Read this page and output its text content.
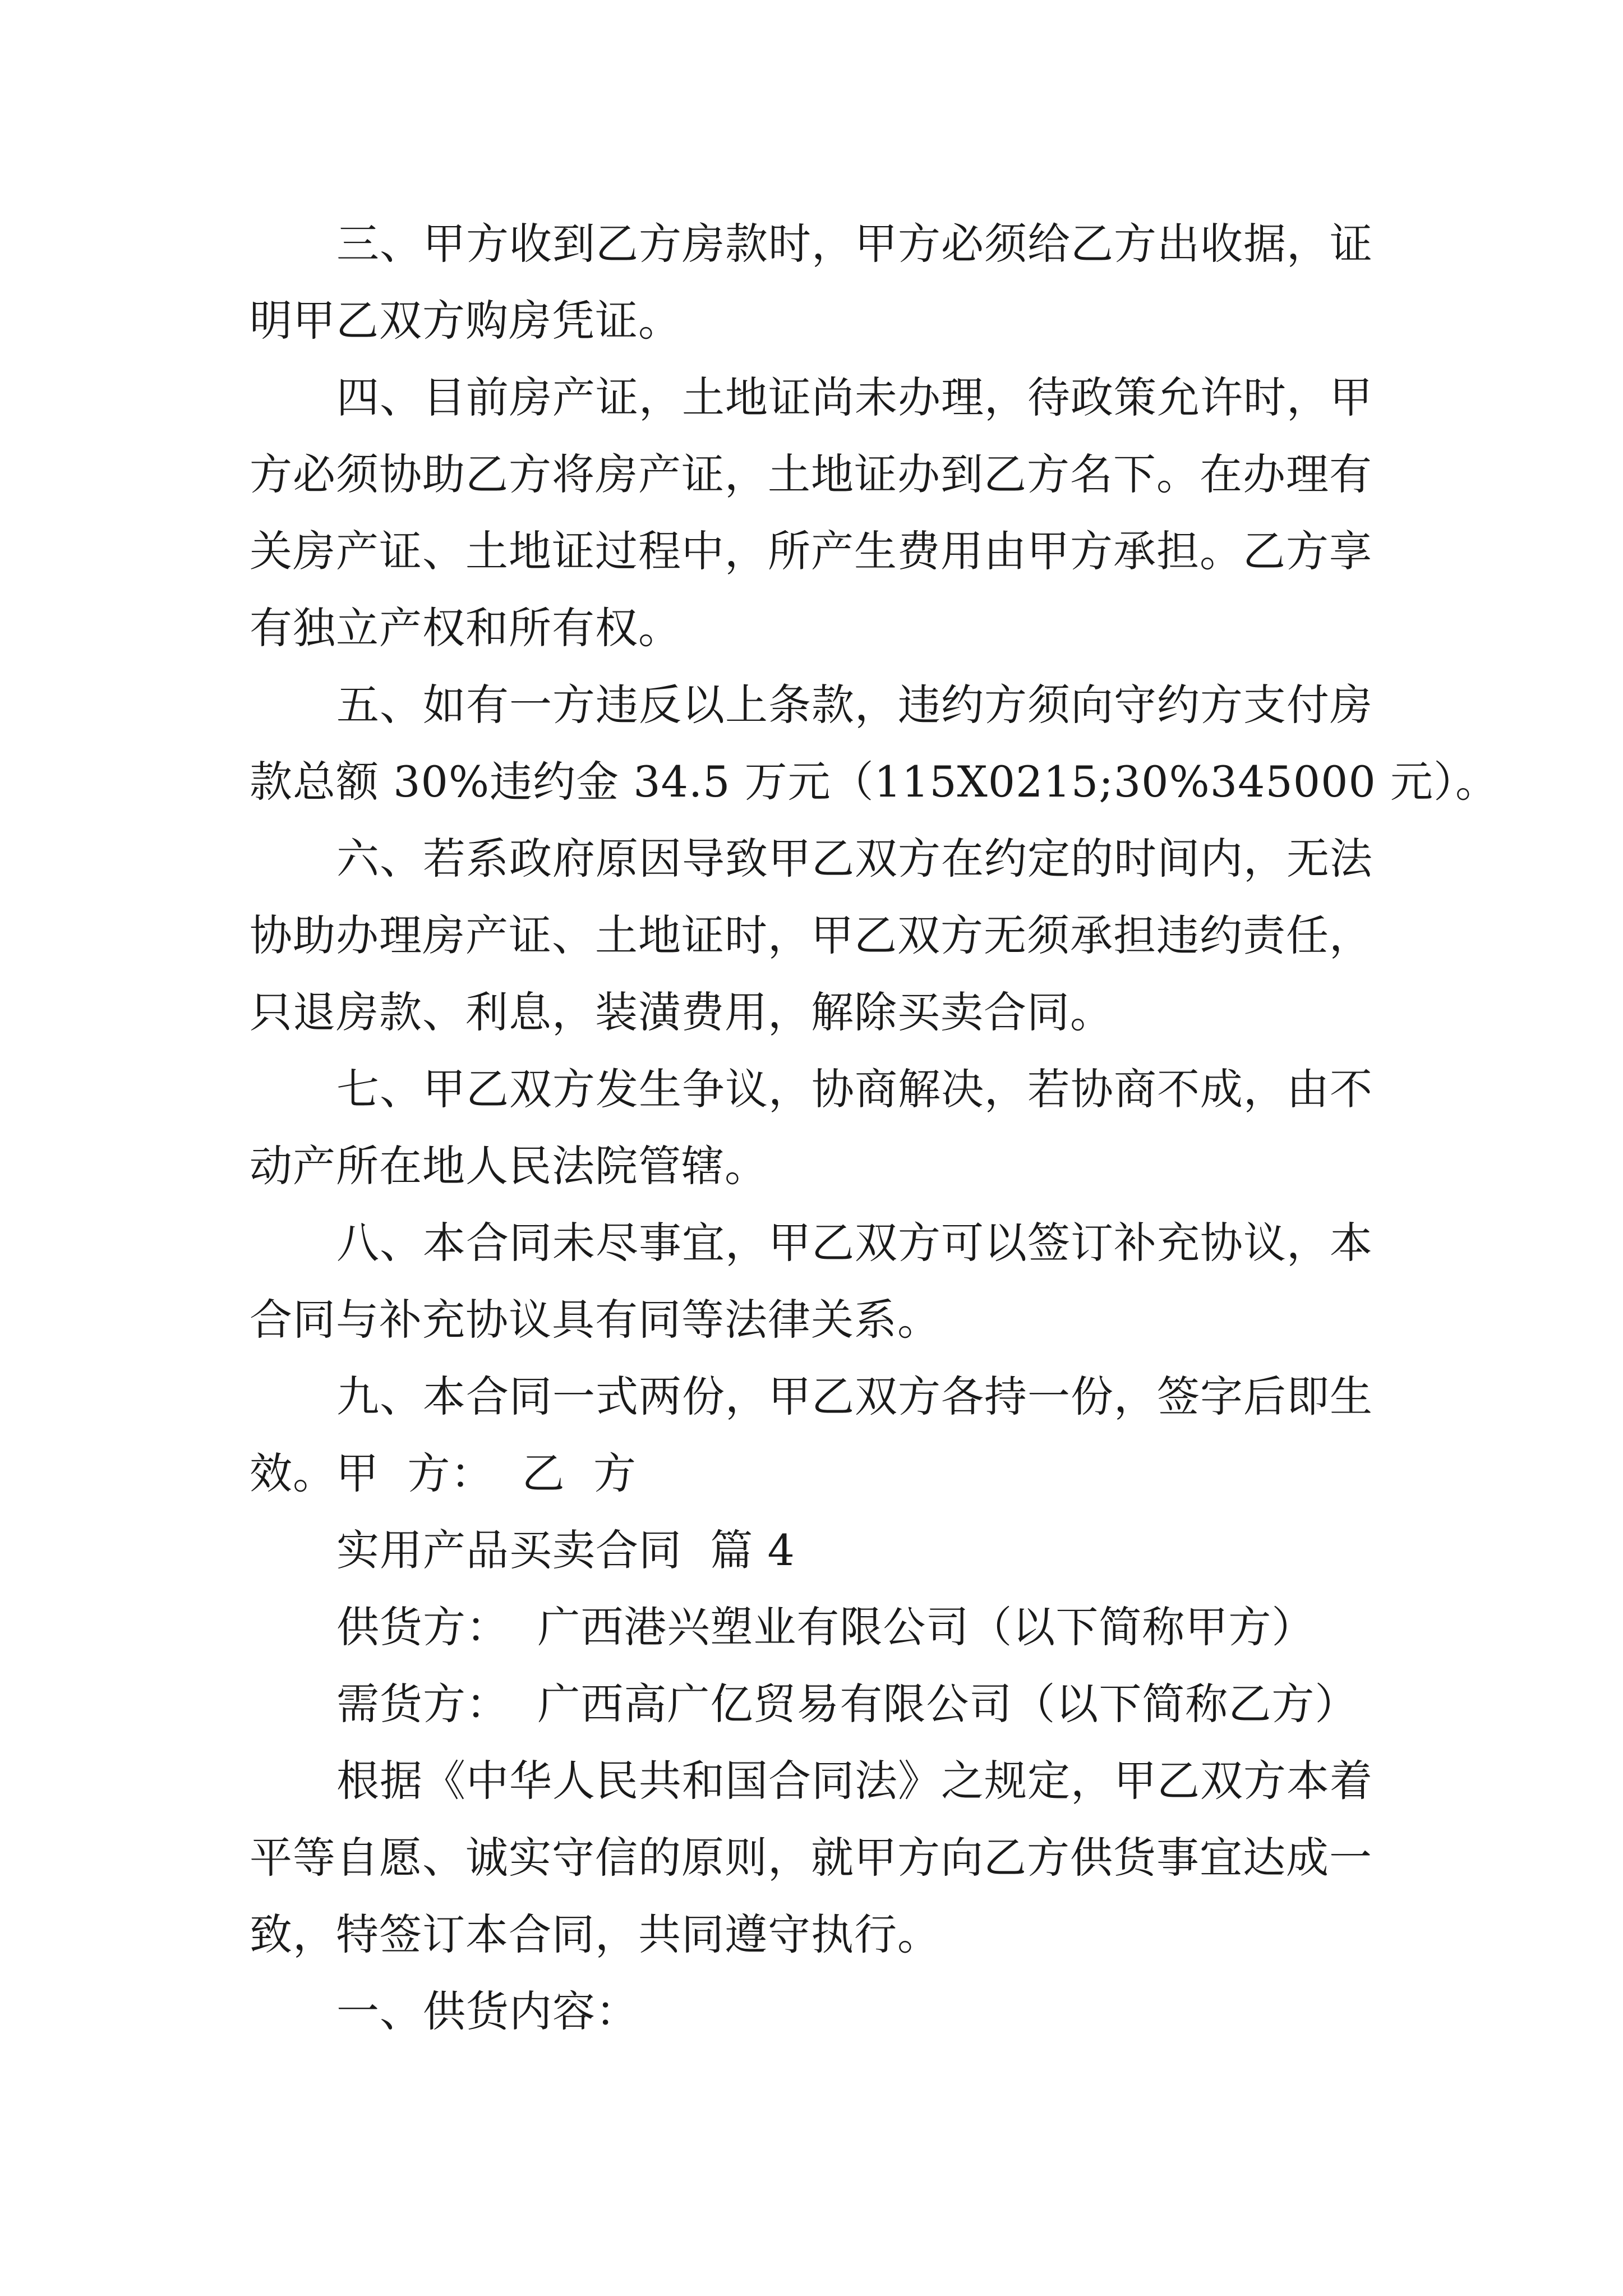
三、甲方收到乙方房款时，甲方必须给乙方出收据，证
明甲乙双方购房凭证。
四、目前房产证，土地证尚未办理，待政策允许时，甲
方必须协助乙方将房产证，土地证办到乙方名下。在办理有
关房产证、土地证过程中，所产生费用由甲方承担。乙方享
有独立产权和所有权。
五、如有一方违反以上条款，违约方须向守约方支付房
款总额 30%违约金 34.5 万元（115X0215;30%345000 元）。
六、若系政府原因导致甲乙双方在约定的时间内，无法
协助办理房产证、土地证时，甲乙双方无须承担违约责任，
只退房款、利息，装潢费用，解除买卖合同。
七、甲乙双方发生争议，协商解决，若协商不成，由不
动产所在地人民法院管辖。
八、本合同未尽事宜，甲乙双方可以签订补充协议，本
合同与补充协议具有同等法律关系。
九、本合同一式两份，甲乙双方各持一份，签字后即生
效。甲  方：  乙  方
实用产品买卖合同  篇 4
供货方：  广西港兴塑业有限公司（以下简称甲方）
需货方：  广西高广亿贸易有限公司（以下简称乙方）
根据《中华人民共和国合同法》之规定，甲乙双方本着
平等自愿、诚实守信的原则，就甲方向乙方供货事宜达成一
致，特签订本合同，共同遵守执行。
一、供货内容：
